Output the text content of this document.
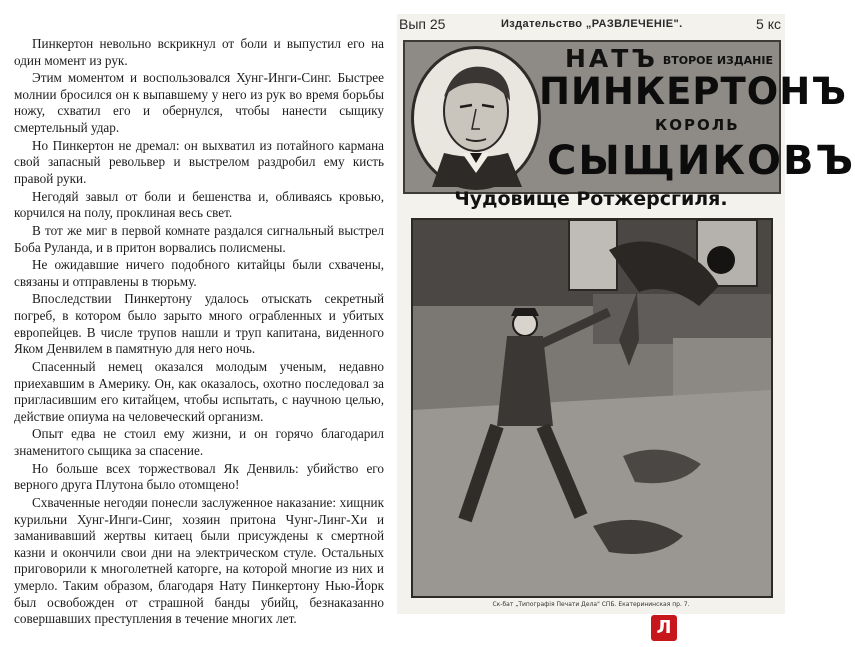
Пинкертон невольно вскрикнул от боли и выпустил его на один момент из рук.

Этим моментом и воспользовался Хунг-Инги-Синг. Быстрее молнии бросился он к выпавшему у него из рук во время борьбы ножу, схватил его и обернулся, чтобы нанести сыщику смертельный удар.

Но Пинкертон не дремал: он выхватил из потайного кармана свой запасный револьвер и выстрелом раздробил ему кисть правой руки.

Негодяй завыл от боли и бешенства и, обливаясь кровью, корчился на полу, проклиная весь свет.

В тот же миг в первой комнате раздался сигнальный выстрел Боба Руланда, и в притон ворвались полисмены.

Не ожидавшие ничего подобного китайцы были схвачены, связаны и отправлены в тюрьму.

Впоследствии Пинкертону удалось отыскать секретный погреб, в котором было зарыто много ограбленных и убитых европейцев. В числе трупов нашли и труп капитана, виденного Яком Денвилем в памятную для него ночь.

Спасенный немец оказался молодым ученым, недавно приехавшим в Америку. Он, как оказалось, охотно последовал за пригласившим его китайцем, чтобы испытать, с научною целью, действие опиума на человеческий организм.

Опыт едва не стоил ему жизни, и он горячо благодарил знаменитого сыщика за спасение.

Но больше всех торжествовал Як Денвиль: убийство его верного друга Плутона было отомщено!

Схваченные негодяи понесли заслуженное наказание: хищник курильни Хунг-Инги-Синг, хозяин притона Чунг-Линг-Хи и заманивавший жертвы китаец были присуждены к смертной казни и окончили свои дни на электрическом стуле. Остальных приговорили к многолетней каторге, на которой многие из них и умерло. Таким образом, благодаря Нату Пинкертону Нью-Йорк был освобожден от страшной банды убийц, безнаказанно совершавших преступления в течение многих лет.

Вып 25	Издательство „РАЗВЛЕЧЕНIЕ".	5 кс
НАТЪ ВТОРОЕ ИЗДАНIЕ
ПИНКЕРТОНЪ
КОРОЛЬ
СЫЩИКОВЪ
Чудовище Ротжерсгиля.
Ск-бат „Типографiя Печати Дела" СПБ. Екатерининская пр. 7.
Л
